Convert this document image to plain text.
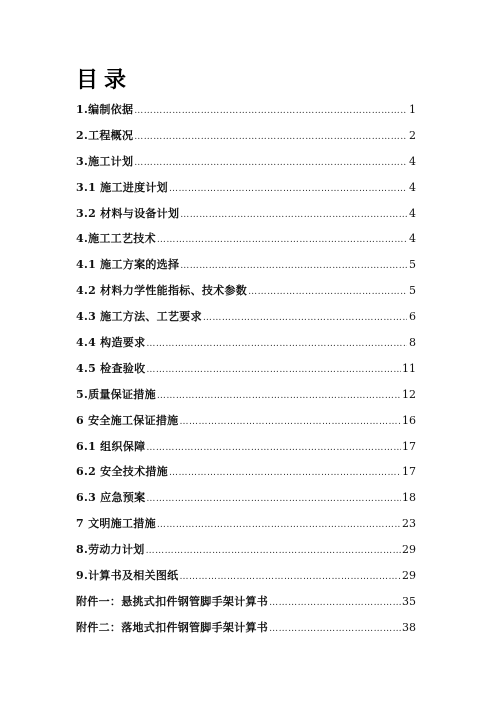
目录
1.编制依据 ………………………………………………………………………………………………………………………………………………………………	1
2.工程概况 ………………………………………………………………………………………………………………………………………………………………	2
3.施工计划 ………………………………………………………………………………………………………………………………………………………………	4
3.1 施工进度计划 ………………………………………………………………………………………………………………………………………………………………	4
3.2 材料与设备计划 ………………………………………………………………………………………………………………………………………………………………	4
4.施工工艺技术 ………………………………………………………………………………………………………………………………………………………………	4
4.1 施工方案的选择 ………………………………………………………………………………………………………………………………………………………………	5
4.2 材料力学性能指标、技术参数 ………………………………………………………………………………………………………………………………………………………………	5
4.3 施工方法、工艺要求 ………………………………………………………………………………………………………………………………………………………………	6
4.4 构造要求 ………………………………………………………………………………………………………………………………………………………………	8
4.5 检查验收 ………………………………………………………………………………………………………………………………………………………………	11
5.质量保证措施 ………………………………………………………………………………………………………………………………………………………………	12
6 安全施工保证措施 ………………………………………………………………………………………………………………………………………………………………	16
6.1 组织保障 ………………………………………………………………………………………………………………………………………………………………	17
6.2 安全技术措施 ………………………………………………………………………………………………………………………………………………………………	17
6.3 应急预案 ………………………………………………………………………………………………………………………………………………………………	18
7 文明施工措施 ………………………………………………………………………………………………………………………………………………………………	23
8.劳动力计划 ………………………………………………………………………………………………………………………………………………………………	29
9.计算书及相关图纸 ………………………………………………………………………………………………………………………………………………………………	29
附件一：悬挑式扣件钢管脚手架计算书 ………………………………………………………………………………………………………………………………………………………………	35
附件二：落地式扣件钢管脚手架计算书 ………………………………………………………………………………………………………………………………………………………………	38
